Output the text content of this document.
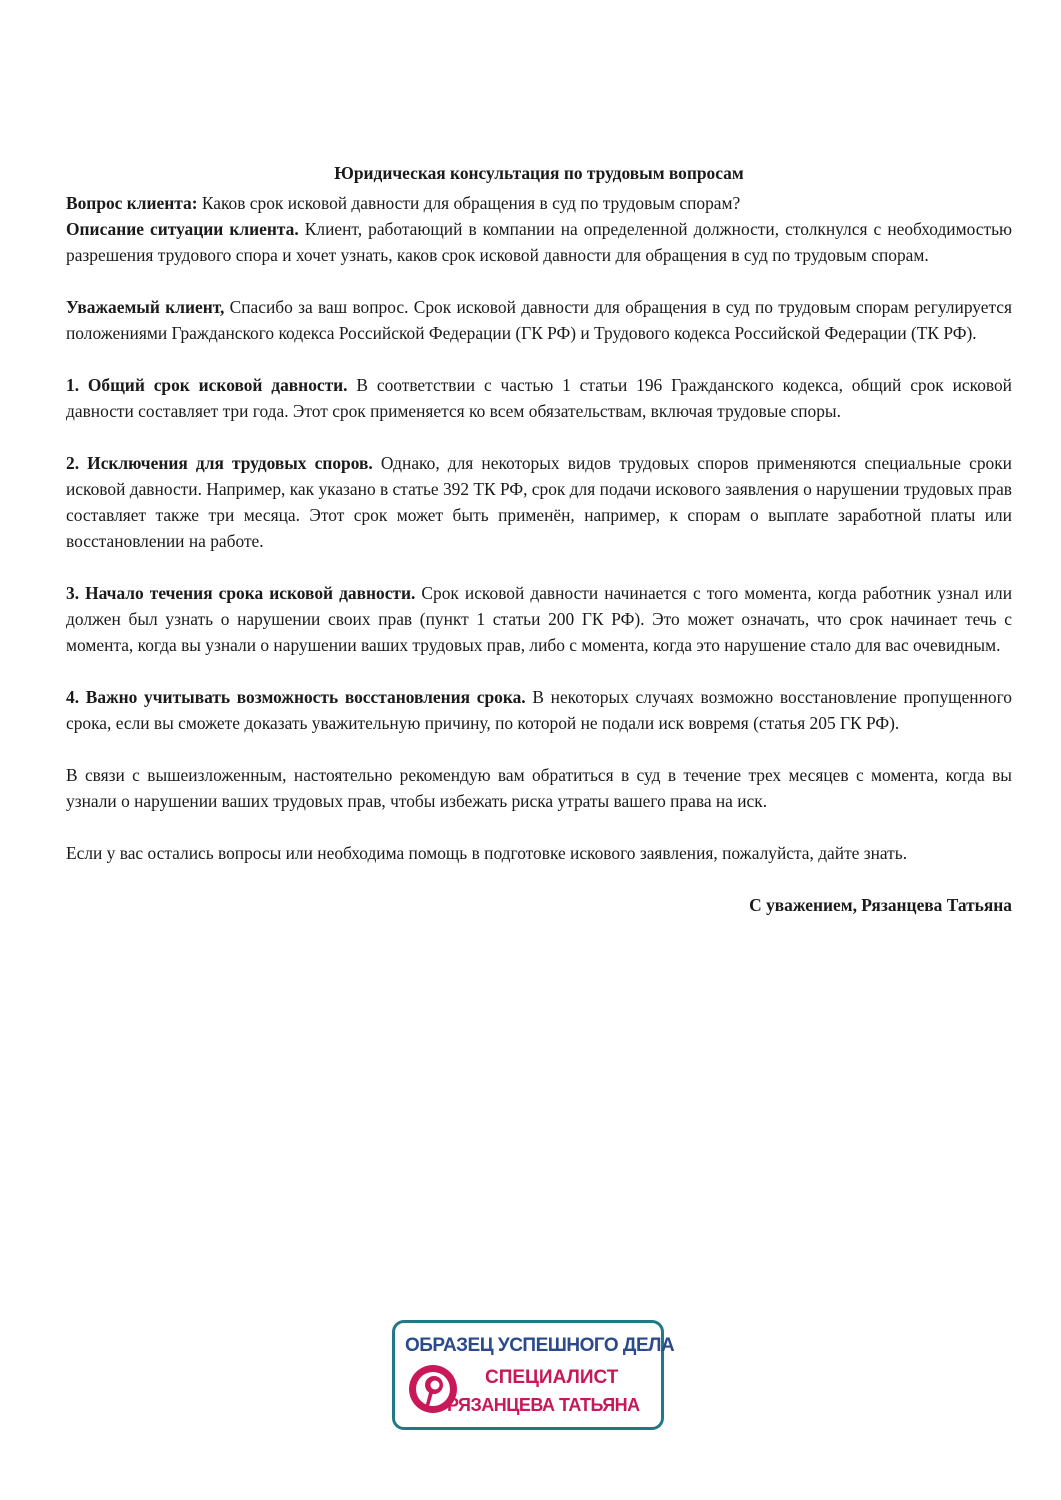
Юридическая консультация по трудовым вопросам

Вопрос клиента: Каков срок исковой давности для обращения в суд по трудовым спорам?

Описание ситуации клиента. Клиент, работающий в компании на определенной должности, столкнулся с необходимостью разрешения трудового спора и хочет узнать, каков срок исковой давности для обращения в суд по трудовым спорам.

Уважаемый клиент, Спасибо за ваш вопрос. Срок исковой давности для обращения в суд по трудовым спорам регулируется положениями Гражданского кодекса Российской Федерации (ГК РФ) и Трудового кодекса Российской Федерации (ТК РФ).

1. Общий срок исковой давности. В соответствии с частью 1 статьи 196 Гражданского кодекса, общий срок исковой давности составляет три года. Этот срок применяется ко всем обязательствам, включая трудовые споры.

2. Исключения для трудовых споров. Однако, для некоторых видов трудовых споров применяются специальные сроки исковой давности. Например, как указано в статье 392 ТК РФ, срок для подачи искового заявления о нарушении трудовых прав составляет также три месяца. Этот срок может быть применён, например, к спорам о выплате заработной платы или восстановлении на работе.

3. Начало течения срока исковой давности. Срок исковой давности начинается с того момента, когда работник узнал или должен был узнать о нарушении своих прав (пункт 1 статьи 200 ГК РФ). Это может означать, что срок начинает течь с момента, когда вы узнали о нарушении ваших трудовых прав, либо с момента, когда это нарушение стало для вас очевидным.

4. Важно учитывать возможность восстановления срока. В некоторых случаях возможно восстановление пропущенного срока, если вы сможете доказать уважительную причину, по которой не подали иск вовремя (статья 205 ГК РФ).

В связи с вышеизложенным, настоятельно рекомендую вам обратиться в суд в течение трех месяцев с момента, когда вы узнали о нарушении ваших трудовых прав, чтобы избежать риска утраты вашего права на иск.

Если у вас остались вопросы или необходима помощь в подготовке искового заявления, пожалуйста, дайте знать.

С уважением, Рязанцева Татьяна

ОБРАЗЕЦ УСПЕШНОГО ДЕЛА
СПЕЦИАЛИСТ
РЯЗАНЦЕВА ТАТЬЯНА
